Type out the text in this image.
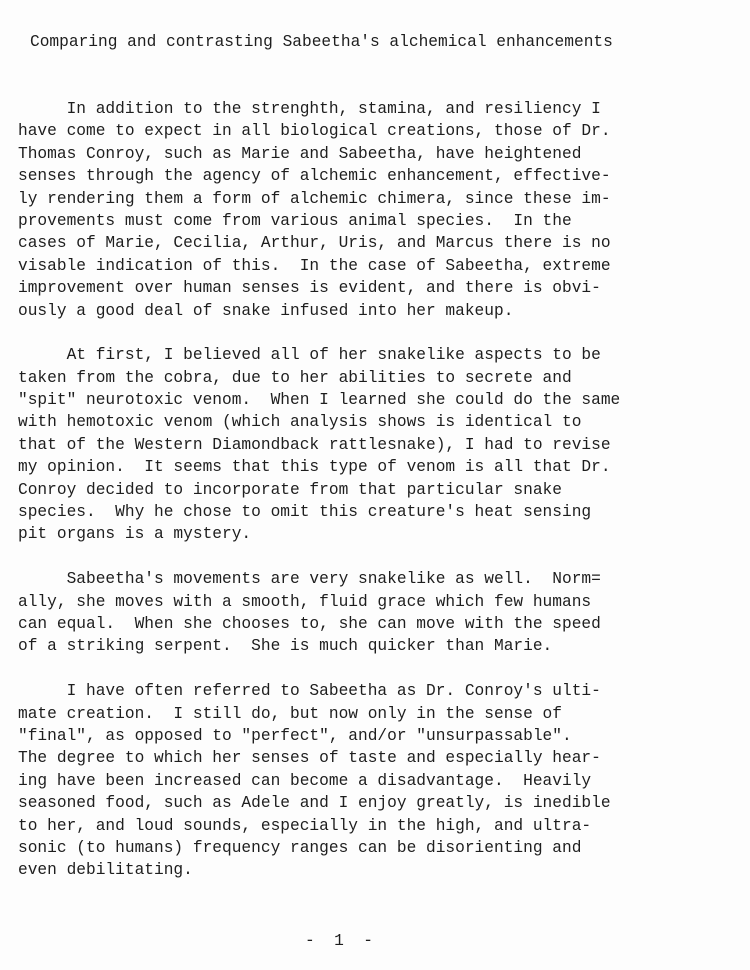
Comparing and contrasting Sabeetha's alchemical enhancements
In addition to the strenghth, stamina, and resiliency I
have come to expect in all biological creations, those of Dr.
Thomas Conroy, such as Marie and Sabeetha, have heightened
senses through the agency of alchemic enhancement, effective-
ly rendering them a form of alchemic chimera, since these im-
provements must come from various animal species.  In the
cases of Marie, Cecilia, Arthur, Uris, and Marcus there is no
visable indication of this.  In the case of Sabeetha, extreme
improvement over human senses is evident, and there is obvi-
ously a good deal of snake infused into her makeup.
At first, I believed all of her snakelike aspects to be
taken from the cobra, due to her abilities to secrete and
"spit" neurotoxic venom.  When I learned she could do the same
with hemotoxic venom (which analysis shows is identical to
that of the Western Diamondback rattlesnake), I had to revise
my opinion.  It seems that this type of venom is all that Dr.
Conroy decided to incorporate from that particular snake
species.  Why he chose to omit this creature's heat sensing
pit organs is a mystery.
Sabeetha's movements are very snakelike as well.  Norm=
ally, she moves with a smooth, fluid grace which few humans
can equal.  When she chooses to, she can move with the speed
of a striking serpent.  She is much quicker than Marie.
I have often referred to Sabeetha as Dr. Conroy's ulti-
mate creation.  I still do, but now only in the sense of
"final", as opposed to "perfect", and/or "unsurpassable".
The degree to which her senses of taste and especially hear-
ing have been increased can become a disadvantage.  Heavily
seasoned food, such as Adele and I enjoy greatly, is inedible
to her, and loud sounds, especially in the high, and ultra-
sonic (to humans) frequency ranges can be disorienting and
even debilitating.
-  1  -
